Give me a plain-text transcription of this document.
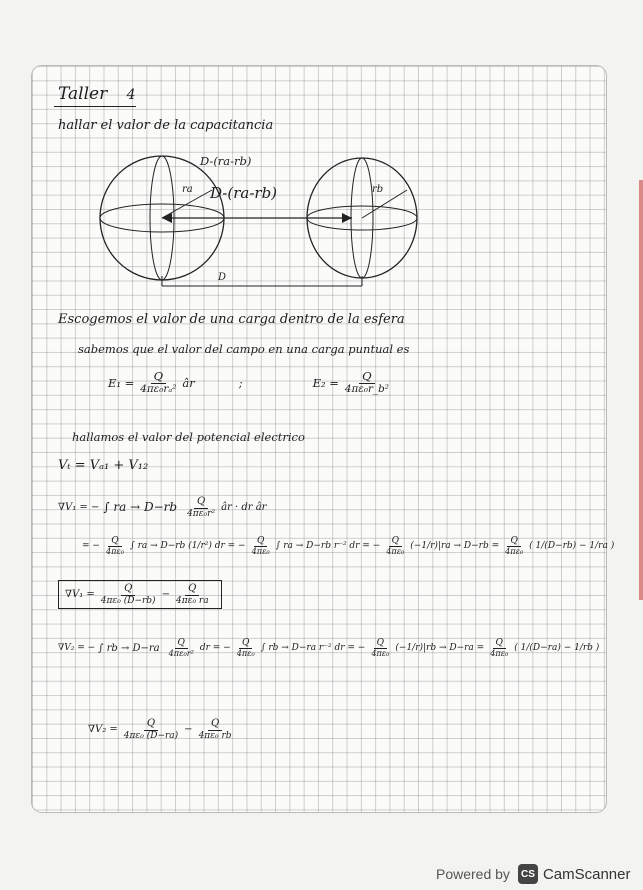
Taller 4
hallar el valor de la capacitancia
D-(ra-rb)
D-(ra-rb)
ra	rb
D
Escogemos el valor de una carga dentro de la esfera
sabemos que el valor del campo en una carga puntual es
$E_1 = \frac{Q}{\text{4πε₀rₐ²}}$ âr	;	$E_2 = \frac{Q}{\text{4πε₀r\_b²}}$
hallamos el valor del potencial electrico
Vₜ = Vₐ₁ + V₁₂
∇V₁ = − ∫ ra → $D-rb \frac{Q}{\text{4πε₀r²}}$ âr · dr âr
= − $\frac{Q}{\text{4πε₀}}$ ∫ ra → D−rb (1/r²) dr = − $\frac{Q}{\text{4πε₀}}$ ∫ ra → D−rb r⁻² dr = − $\frac{Q}{\text{4πε₀}} (-1/r)|ra \to D-rb = \frac{Q}{\text{4πε₀}}$ ( 1/(D−rb) − 1/ra )
$\nabla V_1 = \frac{Q}{\text{4πε₀ (D−rb)}} - \frac{Q}{\text{4πε₀ ra}}$
∇V₂ = − ∫ rb → $D-ra \frac{Q}{\text{4πε₀r²}}$ dr = − $\frac{Q}{\text{4πε₀}}$ ∫ rb → D−ra r⁻² dr = − $\frac{Q}{\text{4πε₀}} (-1/r)|rb \to D-ra = \frac{Q}{\text{4πε₀}}$ ( 1/(D−ra) − 1/rb )
$\nabla V_2 = \frac{Q}{\text{4πε₀ (D−ra)}} - \frac{Q}{\text{4πε₀ rb}}$
Powered by	CS CamScanner
